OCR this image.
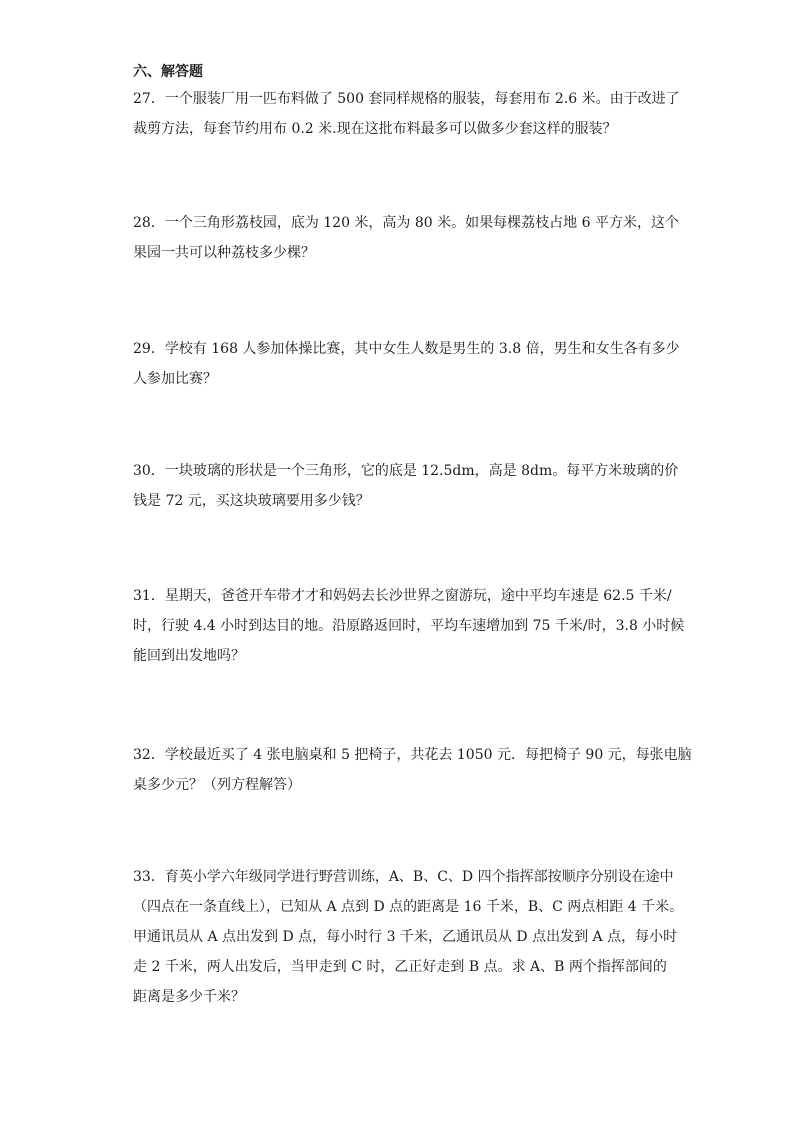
六、解答题

27．一个服装厂用一匹布料做了 500 套同样规格的服装，每套用布 2.6 米。由于改进了

裁剪方法，每套节约用布 0.2 米.现在这批布料最多可以做多少套这样的服装？

28．一个三角形荔枝园，底为 120 米，高为 80 米。如果每棵荔枝占地 6 平方米，这个

果园一共可以种荔枝多少棵？

29．学校有 168 人参加体操比赛，其中女生人数是男生的 3.8 倍，男生和女生各有多少

人参加比赛？

30．一块玻璃的形状是一个三角形，它的底是 12.5dm，高是 8dm。每平方米玻璃的价

钱是 72 元，买这块玻璃要用多少钱？

31．星期天，爸爸开车带才才和妈妈去长沙世界之窗游玩，途中平均车速是 62.5 千米/

时，行驶 4.4 小时到达目的地。沿原路返回时，平均车速增加到 75 千米/时，3.8 小时候

能回到出发地吗？

32．学校最近买了 4 张电脑桌和 5 把椅子，共花去 1050 元．每把椅子 90 元，每张电脑

桌多少元？（列方程解答）

33．育英小学六年级同学进行野营训练，A、B、C、D 四个指挥部按顺序分别设在途中

（四点在一条直线上），已知从 A 点到 D 点的距离是 16 千米，B、C 两点相距 4 千米。

甲通讯员从 A 点出发到 D 点，每小时行 3 千米，乙通讯员从 D 点出发到 A 点，每小时

走 2 千米，两人出发后，当甲走到 C 时，乙正好走到 B 点。求 A、B 两个指挥部间的

距离是多少千米？
